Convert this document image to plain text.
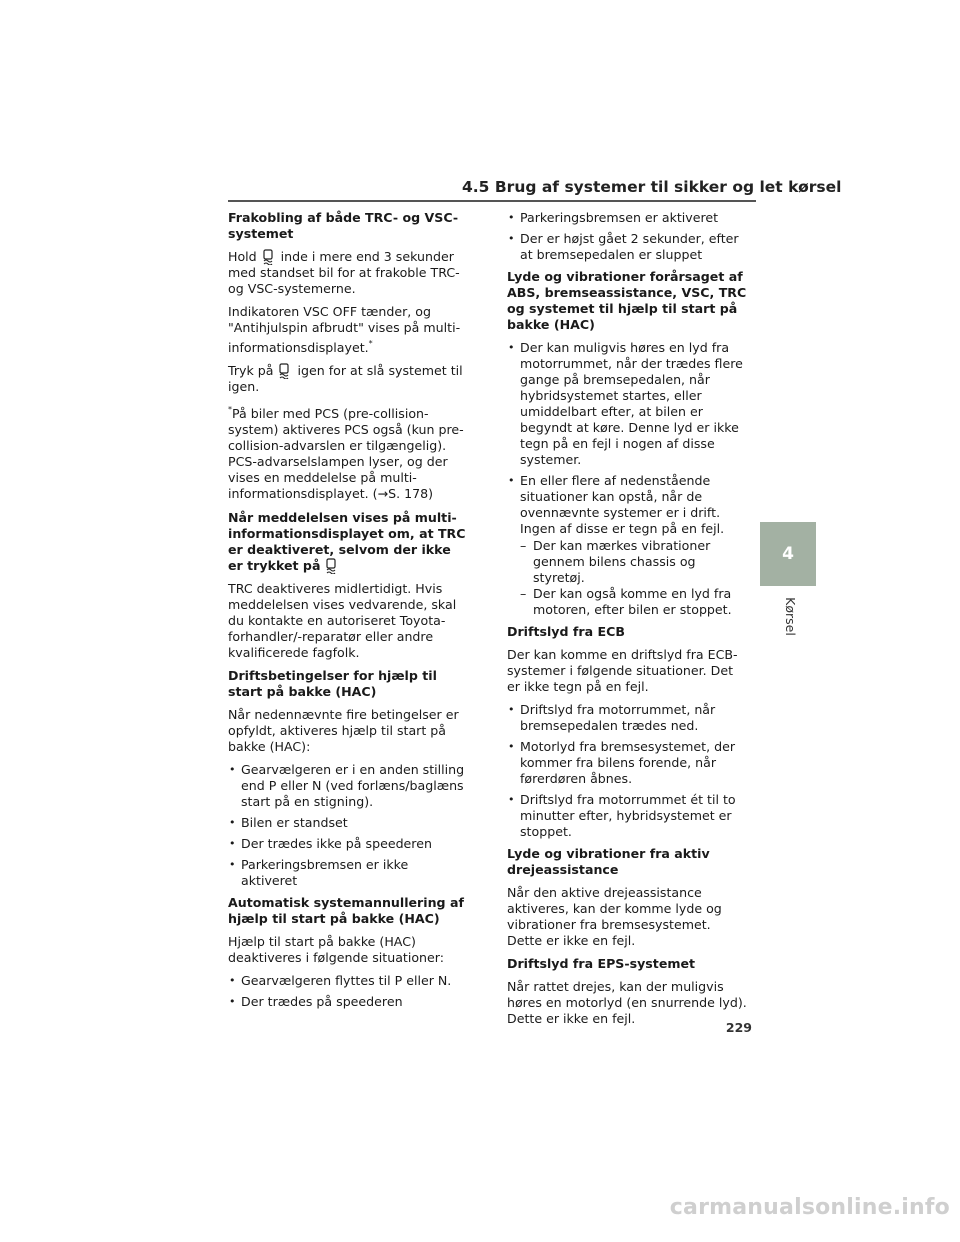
4.5 Brug af systemer til sikker og let kørsel
Frakobling af både TRC- og VSC-systemet

Hold inde i mere end 3 sekunder med standset bil for at frakoble TRC- og VSC-systemerne.

Indikatoren VSC OFF tænder, og "Antihjulspin afbrudt" vises på multi-informationsdisplayet.*

Tryk på igen for at slå systemet til igen.

*På biler med PCS (pre-collision-system) aktiveres PCS også (kun pre-collision-advarslen er tilgængelig). PCS-advarselslampen lyser, og der vises en meddelelse på multi-informationsdisplayet. (→S. 178)

Når meddelelsen vises på multi-informationsdisplayet om, at TRC er deaktiveret, selvom der ikke er trykket på

TRC deaktiveres midlertidigt. Hvis meddelelsen vises vedvarende, skal du kontakte en autoriseret Toyota-forhandler/-reparatør eller andre kvalificerede fagfolk.

Driftsbetingelser for hjælp til start på bakke (HAC)

Når nedennævnte fire betingelser er opfyldt, aktiveres hjælp til start på bakke (HAC):

• Gearvælgeren er i en anden stilling end P eller N (ved forlæns/baglæns start på en stigning).
• Bilen er standset
• Der trædes ikke på speederen
• Parkeringsbremsen er ikke aktiveret
Automatisk systemannullering af hjælp til start på bakke (HAC)

Hjælp til start på bakke (HAC) deaktiveres i følgende situationer:

• Gearvælgeren flyttes til P eller N.
• Der trædes på speederen
• Parkeringsbremsen er aktiveret
• Der er højst gået 2 sekunder, efter at bremsepedalen er sluppet
Lyde og vibrationer forårsaget af ABS, bremseassistance, VSC, TRC og systemet til hjælp til start på bakke (HAC)
• Der kan muligvis høres en lyd fra motorrummet, når der trædes flere gange på bremsepedalen, når hybridsystemet startes, eller umiddelbart efter, at bilen er begyndt at køre. Denne lyd er ikke tegn på en fejl i nogen af disse systemer.
• En eller flere af nedenstående situationer kan opstå, når de ovennævnte systemer er i drift. Ingen af disse er tegn på en fejl.
– Der kan mærkes vibrationer gennem bilens chassis og styretøj.
– Der kan også komme en lyd fra motoren, efter bilen er stoppet.
Driftslyd fra ECB

Der kan komme en driftslyd fra ECB-systemer i følgende situationer. Det er ikke tegn på en fejl.

• Driftslyd fra motorrummet, når bremsepedalen trædes ned.
• Motorlyd fra bremsesystemet, der kommer fra bilens forende, når førerdøren åbnes.
• Driftslyd fra motorrummet ét til to minutter efter, hybridsystemet er stoppet.
Lyde og vibrationer fra aktiv drejeassistance

Når den aktive drejeassistance aktiveres, kan der komme lyde og vibrationer fra bremsesystemet. Dette er ikke en fejl.

Driftslyd fra EPS-systemet

Når rattet drejes, kan der muligvis høres en motorlyd (en snurrende lyd). Dette er ikke en fejl.

4
Kørsel
229
carmanualsonline.info
